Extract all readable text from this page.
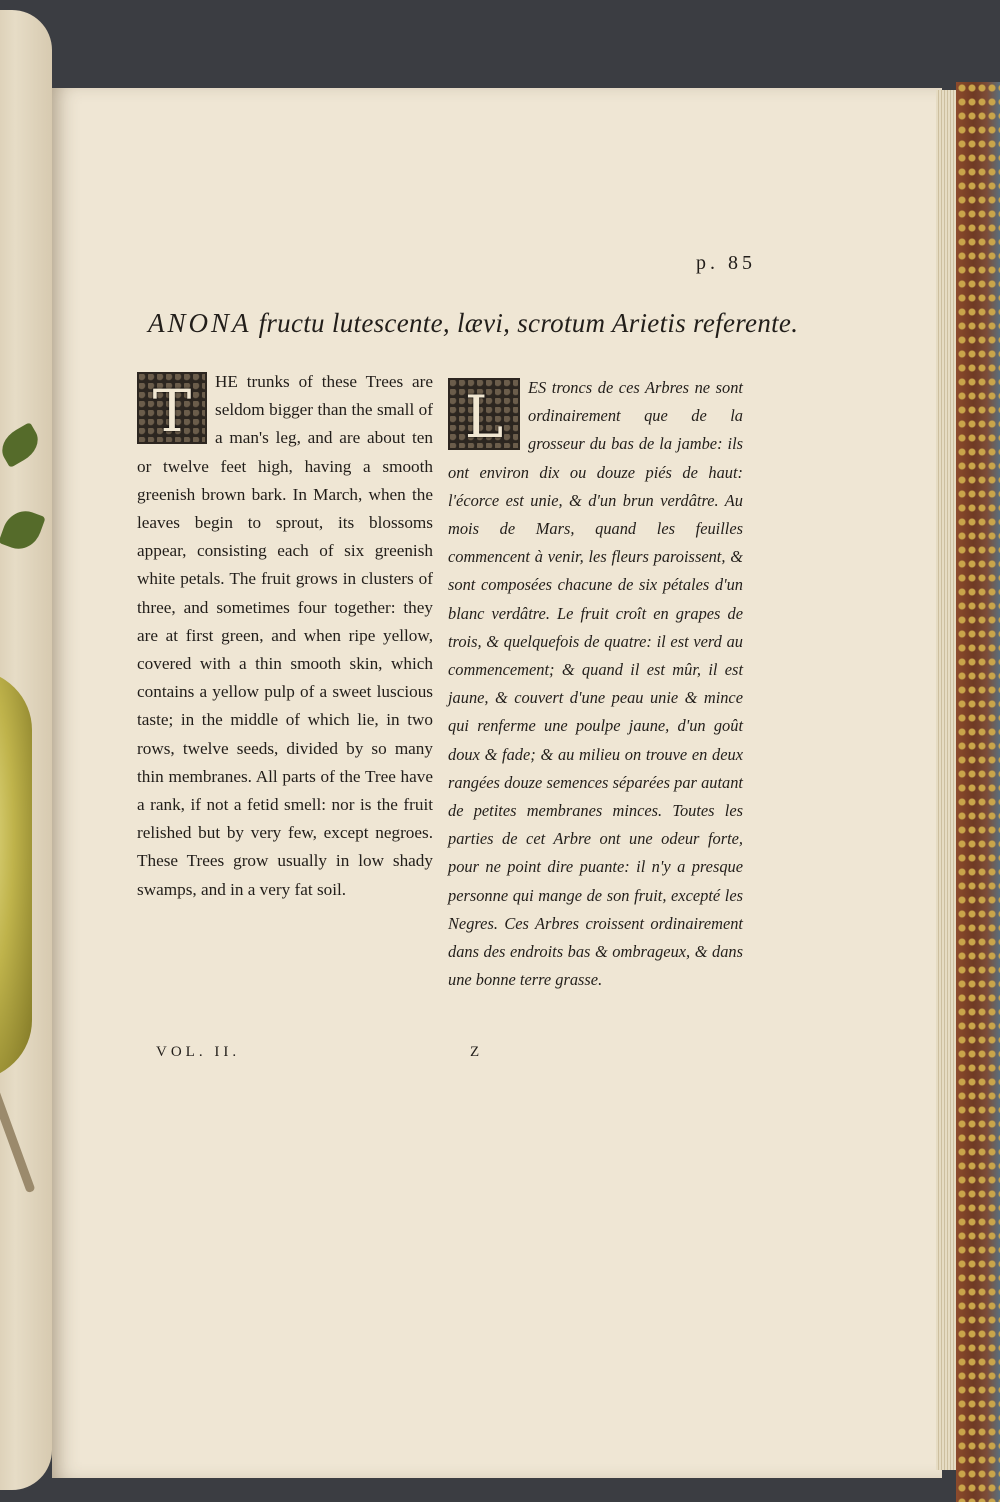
p. 85
ANONA fructu lutescente, lævi, scrotum Arietis referente.
T	HE trunks of these Trees are seldom bigger than the small of a man's leg, and are about ten or twelve feet high, having a smooth greenish brown bark. In March, when the leaves begin to sprout, its blossoms appear, consisting each of six greenish white petals. The fruit grows in clusters of three, and sometimes four together: they are at first green, and when ripe yellow, covered with a thin smooth skin, which contains a yellow pulp of a sweet luscious taste; in the middle of which lie, in two rows, twelve seeds, divided by so many thin membranes. All parts of the Tree have a rank, if not a fetid smell: nor is the fruit relished but by very few, except negroes. These Trees grow usually in low shady swamps, and in a very fat soil.

L	ES troncs de ces Arbres ne sont ordinairement que de la grosseur du bas de la jambe: ils ont environ dix ou douze piés de haut: l'écorce est unie, & d'un brun verdâtre. Au mois de Mars, quand les feuilles commencent à venir, les fleurs paroissent, & sont composées chacune de six pétales d'un blanc verdâtre. Le fruit croît en grapes de trois, & quelquefois de quatre: il est verd au commencement; & quand il est mûr, il est jaune, & couvert d'une peau unie & mince qui renferme une poulpe jaune, d'un goût doux & fade; & au milieu on trouve en deux rangées douze semences séparées par autant de petites membranes minces. Toutes les parties de cet Arbre ont une odeur forte, pour ne point dire puante: il n'y a presque personne qui mange de son fruit, excepté les Negres. Ces Arbres croissent ordinairement dans des endroits bas & ombrageux, & dans une bonne terre grasse.

VOL. II.	Z
